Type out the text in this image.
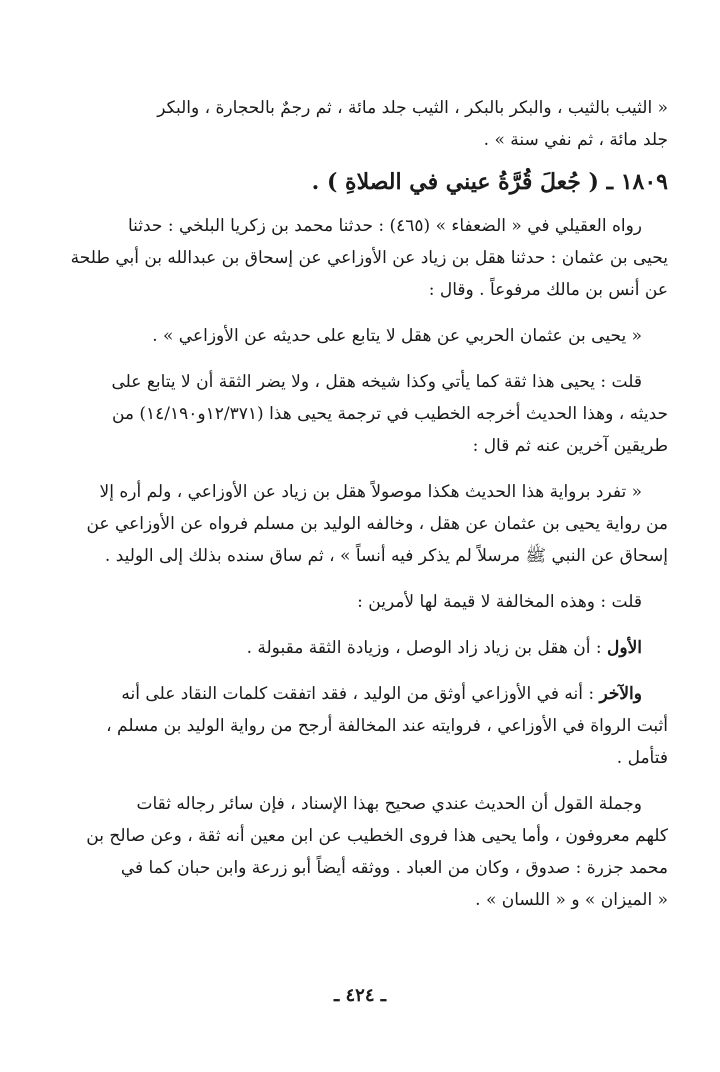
« الثيب بالثيب ، والبكر بالبكر ، الثيب جلد مائة ، ثم رجمٌ بالحجارة ، والبكر
جلد مائة ، ثم نفي سنة » .
١٨٠٩ ـ ( جُعلَ قُرَّةُ عيني في الصلاةِ ) .
رواه العقيلي في « الضعفاء » (٤٦٥) : حدثنا محمد بن زكريا البلخي : حدثنا
يحيى بن عثمان : حدثنا هقل بن زياد عن الأوزاعي عن إسحاق بن عبدالله بن أبي طلحة
عن أنس بن مالك مرفوعاً . وقال :
« يحيى بن عثمان الحربي عن هقل لا يتابع على حديثه عن الأوزاعي » .
قلت : يحيى هذا ثقة كما يأتي وكذا شيخه هقل ، ولا يضر الثقة أن لا يتابع على
حديثه ، وهذا الحديث أخرجه الخطيب في ترجمة يحيى هذا (١٢/٣٧١و١٤/١٩٠) من
طريقين آخرين عنه ثم قال :
« تفرد برواية هذا الحديث هكذا موصولاً هقل بن زياد عن الأوزاعي ، ولم أره إلا
من رواية يحيى بن عثمان عن هقل ، وخالفه الوليد بن مسلم فرواه عن الأوزاعي عن
إسحاق عن النبي ﷺ مرسلاً لم يذكر فيه أنساً » ، ثم ساق سنده بذلك إلى الوليد .
قلت : وهذه المخالفة لا قيمة لها لأمرين :
الأول : أن هقل بن زياد زاد الوصل ، وزيادة الثقة مقبولة .
والآخر : أنه في الأوزاعي أوثق من الوليد ، فقد اتفقت كلمات النقاد على أنه
أثبت الرواة في الأوزاعي ، فروايته عند المخالفة أرجح من رواية الوليد بن مسلم ،
فتأمل .
وجملة القول أن الحديث عندي صحيح بهذا الإسناد ، فإن سائر رجاله ثقات
كلهم معروفون ، وأما يحيى هذا فروى الخطيب عن ابن معين أنه ثقة ، وعن صالح بن
محمد جزرة : صدوق ، وكان من العباد . ووثقه أيضاً أبو زرعة وابن حبان كما في
« الميزان » و « اللسان » .
ـ ٤٢٤ ـ
